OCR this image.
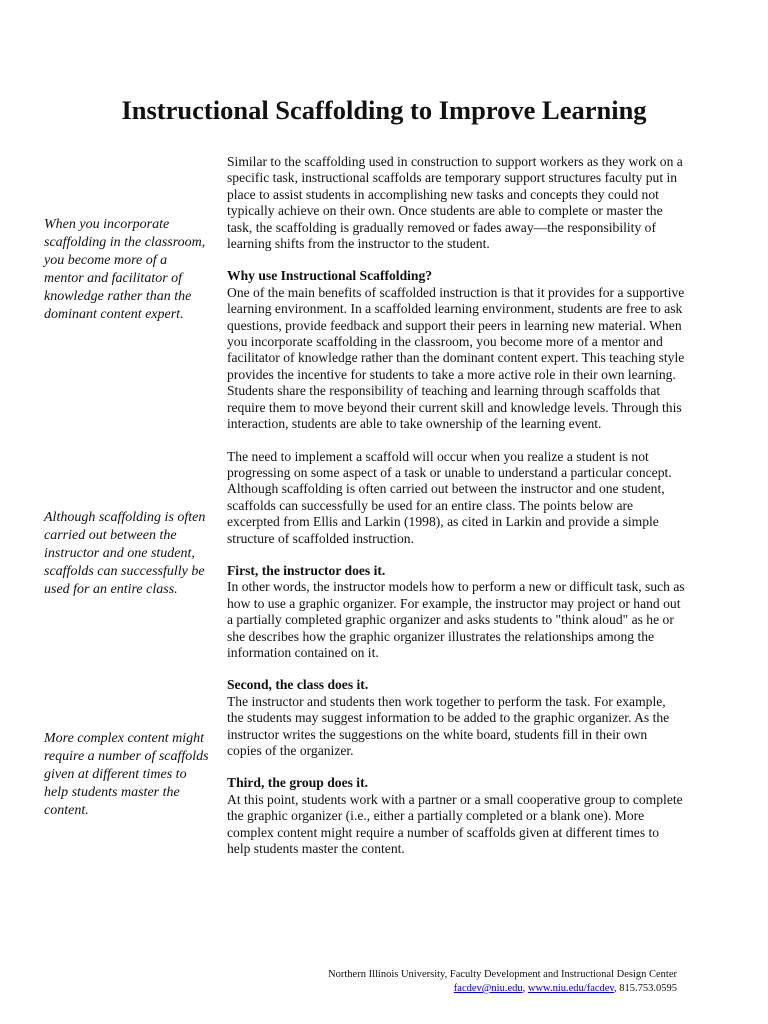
Instructional Scaffolding to Improve Learning

When you incorporate scaffolding in the classroom, you become more of a mentor and facilitator of knowledge rather than the dominant content expert.

Although scaffolding is often carried out between the instructor and one student, scaffolds can successfully be used for an entire class.

More complex content might require a number of scaffolds given at different times to help students master the content.

Similar to the scaffolding used in construction to support workers as they work on a specific task, instructional scaffolds are temporary support structures faculty put in place to assist students in accomplishing new tasks and concepts they could not typically achieve on their own. Once students are able to complete or master the task, the scaffolding is gradually removed or fades away—the responsibility of learning shifts from the instructor to the student.

Why use Instructional Scaffolding?

One of the main benefits of scaffolded instruction is that it provides for a supportive learning environment. In a scaffolded learning environment, students are free to ask questions, provide feedback and support their peers in learning new material. When you incorporate scaffolding in the classroom, you become more of a mentor and facilitator of knowledge rather than the dominant content expert. This teaching style provides the incentive for students to take a more active role in their own learning. Students share the responsibility of teaching and learning through scaffolds that require them to move beyond their current skill and knowledge levels. Through this interaction, students are able to take ownership of the learning event.

The need to implement a scaffold will occur when you realize a student is not progressing on some aspect of a task or unable to understand a particular concept. Although scaffolding is often carried out between the instructor and one student, scaffolds can successfully be used for an entire class. The points below are excerpted from Ellis and Larkin (1998), as cited in Larkin and provide a simple structure of scaffolded instruction.

First, the instructor does it.

In other words, the instructor models how to perform a new or difficult task, such as how to use a graphic organizer. For example, the instructor may project or hand out a partially completed graphic organizer and asks students to "think aloud" as he or she describes how the graphic organizer illustrates the relationships among the information contained on it.

Second, the class does it.

The instructor and students then work together to perform the task. For example, the students may suggest information to be added to the graphic organizer. As the instructor writes the suggestions on the white board, students fill in their own copies of the organizer.

Third, the group does it.

At this point, students work with a partner or a small cooperative group to complete the graphic organizer (i.e., either a partially completed or a blank one). More complex content might require a number of scaffolds given at different times to help students master the content.

Northern Illinois University, Faculty Development and Instructional Design Center
facdev@niu.edu, www.niu.edu/facdev, 815.753.0595
